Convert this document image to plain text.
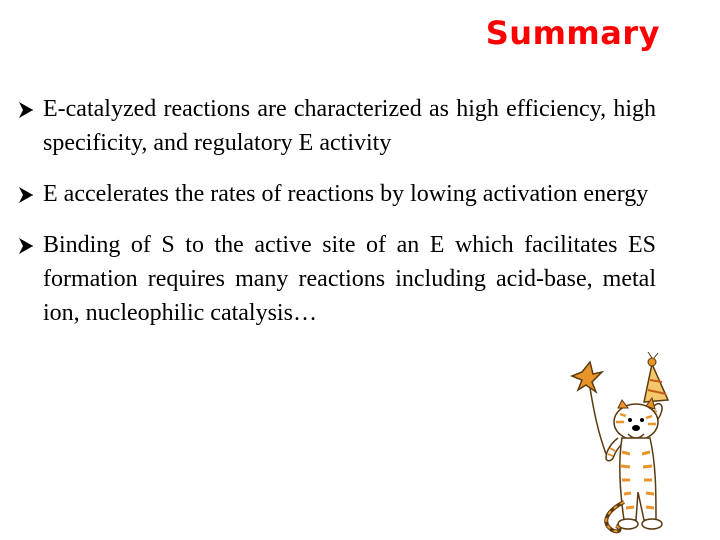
Summary
E-catalyzed reactions are characterized as high efficiency, high specificity, and regulatory E activity
E accelerates the rates of reactions by lowing activation energy
Binding of S to the active site of an E which facilitates ES formation requires many reactions including acid-base, metal ion, nucleophilic catalysis…
